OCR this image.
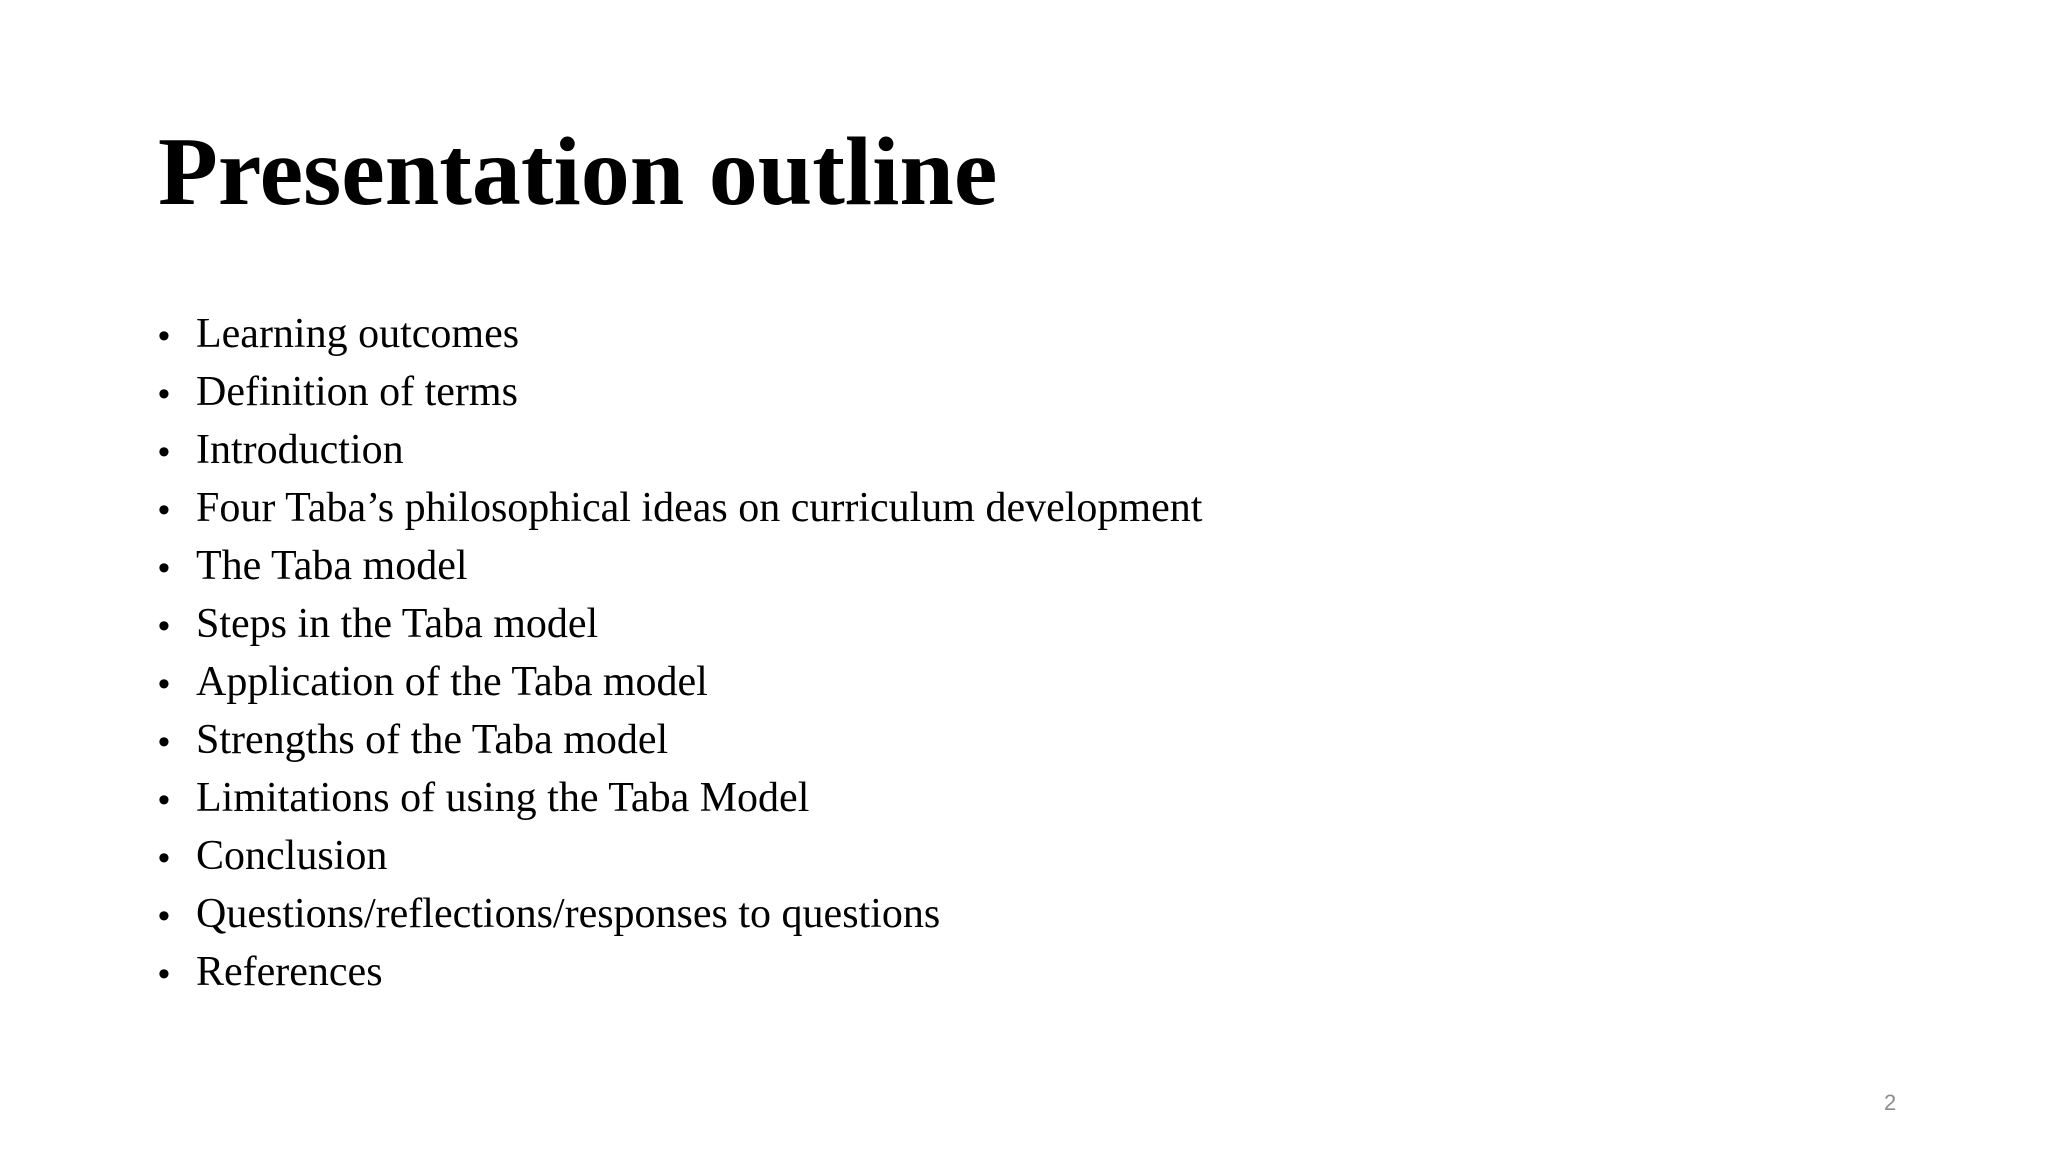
Presentation outline
• Learning outcomes
• Definition of terms
• Introduction
• Four Taba’s philosophical ideas on curriculum development
• The Taba model
• Steps in the Taba model
• Application of the Taba model
• Strengths of the Taba model
• Limitations of using the Taba Model
• Conclusion
• Questions/reflections/responses to questions
• References
2
